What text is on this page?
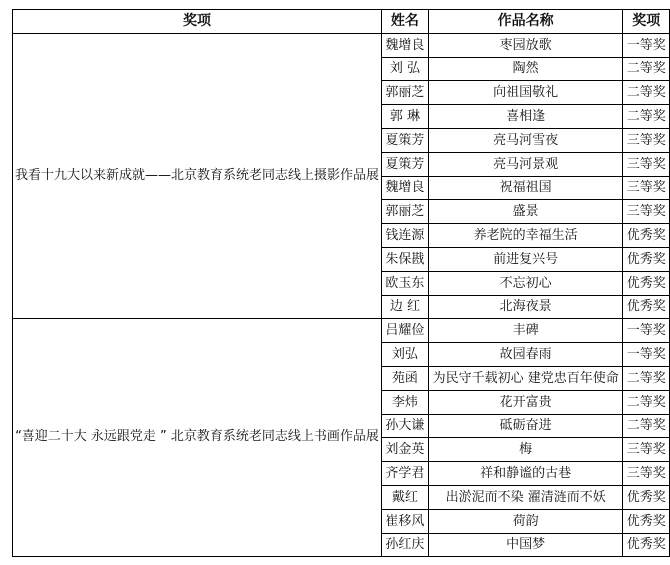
奖项	姓名	作品名称	奖项
我看十九大以来新成就——北京教育系统老同志线上摄影作品展	魏增良	枣园放歌	一等奖
	刘 弘	陶然	二等奖
	郭丽芝	向祖国敬礼	二等奖
	郭 琳	喜相逢	二等奖
	夏策芳	亮马河雪夜	三等奖
	夏策芳	亮马河景观	三等奖
	魏增良	祝福祖国	三等奖
	郭丽芝	盛景	三等奖
	钱连源	养老院的幸福生活	优秀奖
	朱保戡	前进复兴号	优秀奖
	欧玉东	不忘初心	优秀奖
	边 红	北海夜景	优秀奖
“喜迎二十大 永远跟党走 ” 北京教育系统老同志线上书画作品展	吕耀俭	丰碑	一等奖
	刘弘	故园春雨	一等奖
	苑函	为民守千载初心 建党忠百年使命	二等奖
	李炜	花开富贵	二等奖
	孙大谦	砥砺奋进	二等奖
	刘金英	梅	三等奖
	齐学君	祥和静谧的古巷	三等奖
	戴红	出淤泥而不染 濯清涟而不妖	优秀奖
	崔移风	荷韵	优秀奖
	孙红庆	中国梦	优秀奖
